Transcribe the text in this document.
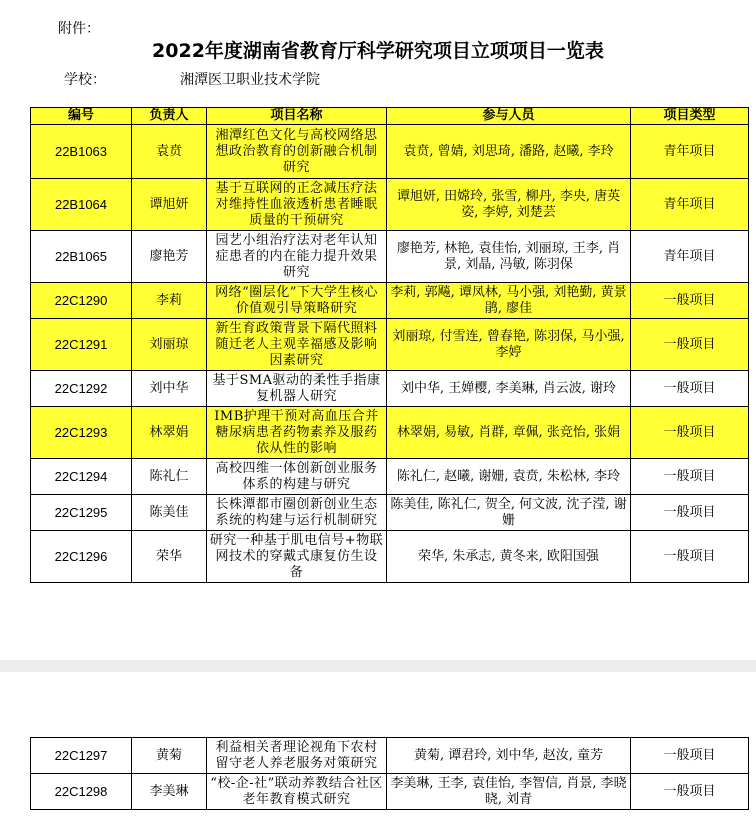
附件：
2022年度湖南省教育厅科学研究项目立项项目一览表
学校：	湘潭医卫职业技术学院
编号	负责人	项目名称	参与人员	项目类型
22B1063	袁贲	湘潭红色文化与高校网络思想政治教育的创新融合机制研究	袁贲, 曾婧, 刘思琦, 潘路, 赵曦, 李玲	青年项目
22B1064	谭旭妍	基于互联网的正念减压疗法对维持性血液透析患者睡眠质量的干预研究	谭旭妍, 田嫦玲, 张雪, 柳丹, 李央, 唐英姿, 李婷, 刘楚芸	青年项目
22B1065	廖艳芳	园艺小组治疗法对老年认知症患者的内在能力提升效果研究	廖艳芳, 林艳, 袁佳怡, 刘丽琼, 王李, 肖景, 刘晶, 冯敏, 陈羽保	青年项目
22C1290	李莉	网络“圈层化”下大学生核心价值观引导策略研究	李莉, 郭飚, 谭凤林, 马小强, 刘艳勤, 黄景鹃, 廖佳	一般项目
22C1291	刘丽琼	新生育政策背景下隔代照料随迁老人主观幸福感及影响因素研究	刘丽琼, 付雪连, 曾春艳, 陈羽保, 马小强, 李婷	一般项目
22C1292	刘中华	基于SMA驱动的柔性手指康复机器人研究	刘中华, 王婵樱, 李美琳, 肖云波, 谢玲	一般项目
22C1293	林翠娟	IMB护理干预对高血压合并糖尿病患者药物素养及服药依从性的影响	林翠娟, 易敏, 肖群, 章佩, 张竞怡, 张娟	一般项目
22C1294	陈礼仁	高校四维一体创新创业服务体系的构建与研究	陈礼仁, 赵曦, 谢姗, 袁贲, 朱松林, 李玲	一般项目
22C1295	陈美佳	长株潭都市圈创新创业生态系统的构建与运行机制研究	陈美佳, 陈礼仁, 贺全, 何文波, 沈子滢, 谢姗	一般项目
22C1296	荣华	研究一种基于肌电信号+物联网技术的穿戴式康复仿生设备	荣华, 朱承志, 黄冬来, 欧阳国强	一般项目
22C1297	黄菊	利益相关者理论视角下农村留守老人养老服务对策研究	黄菊, 谭君玲, 刘中华, 赵汝, 童芳	一般项目
22C1298	李美琳	“校-企-社”联动养教结合社区老年教育模式研究	李美琳, 王李, 袁佳怡, 李智信, 肖景, 李晓晓, 刘青	一般项目
